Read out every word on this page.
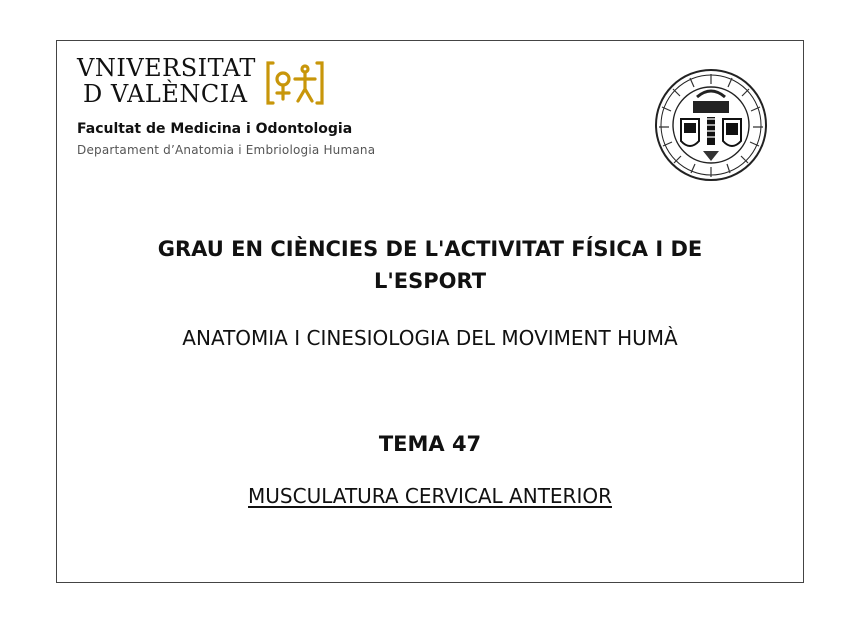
VNIVERSITAT
D VALÈNCIA
Facultat de Medicina i Odontologia
Departament d’Anatomia i Embriologia Humana
GRAU EN CIÈNCIES DE L'ACTIVITAT FÍSICA I DE L'ESPORT
ANATOMIA I CINESIOLOGIA DEL MOVIMENT HUMÀ
TEMA 47
MUSCULATURA CERVICAL ANTERIOR
